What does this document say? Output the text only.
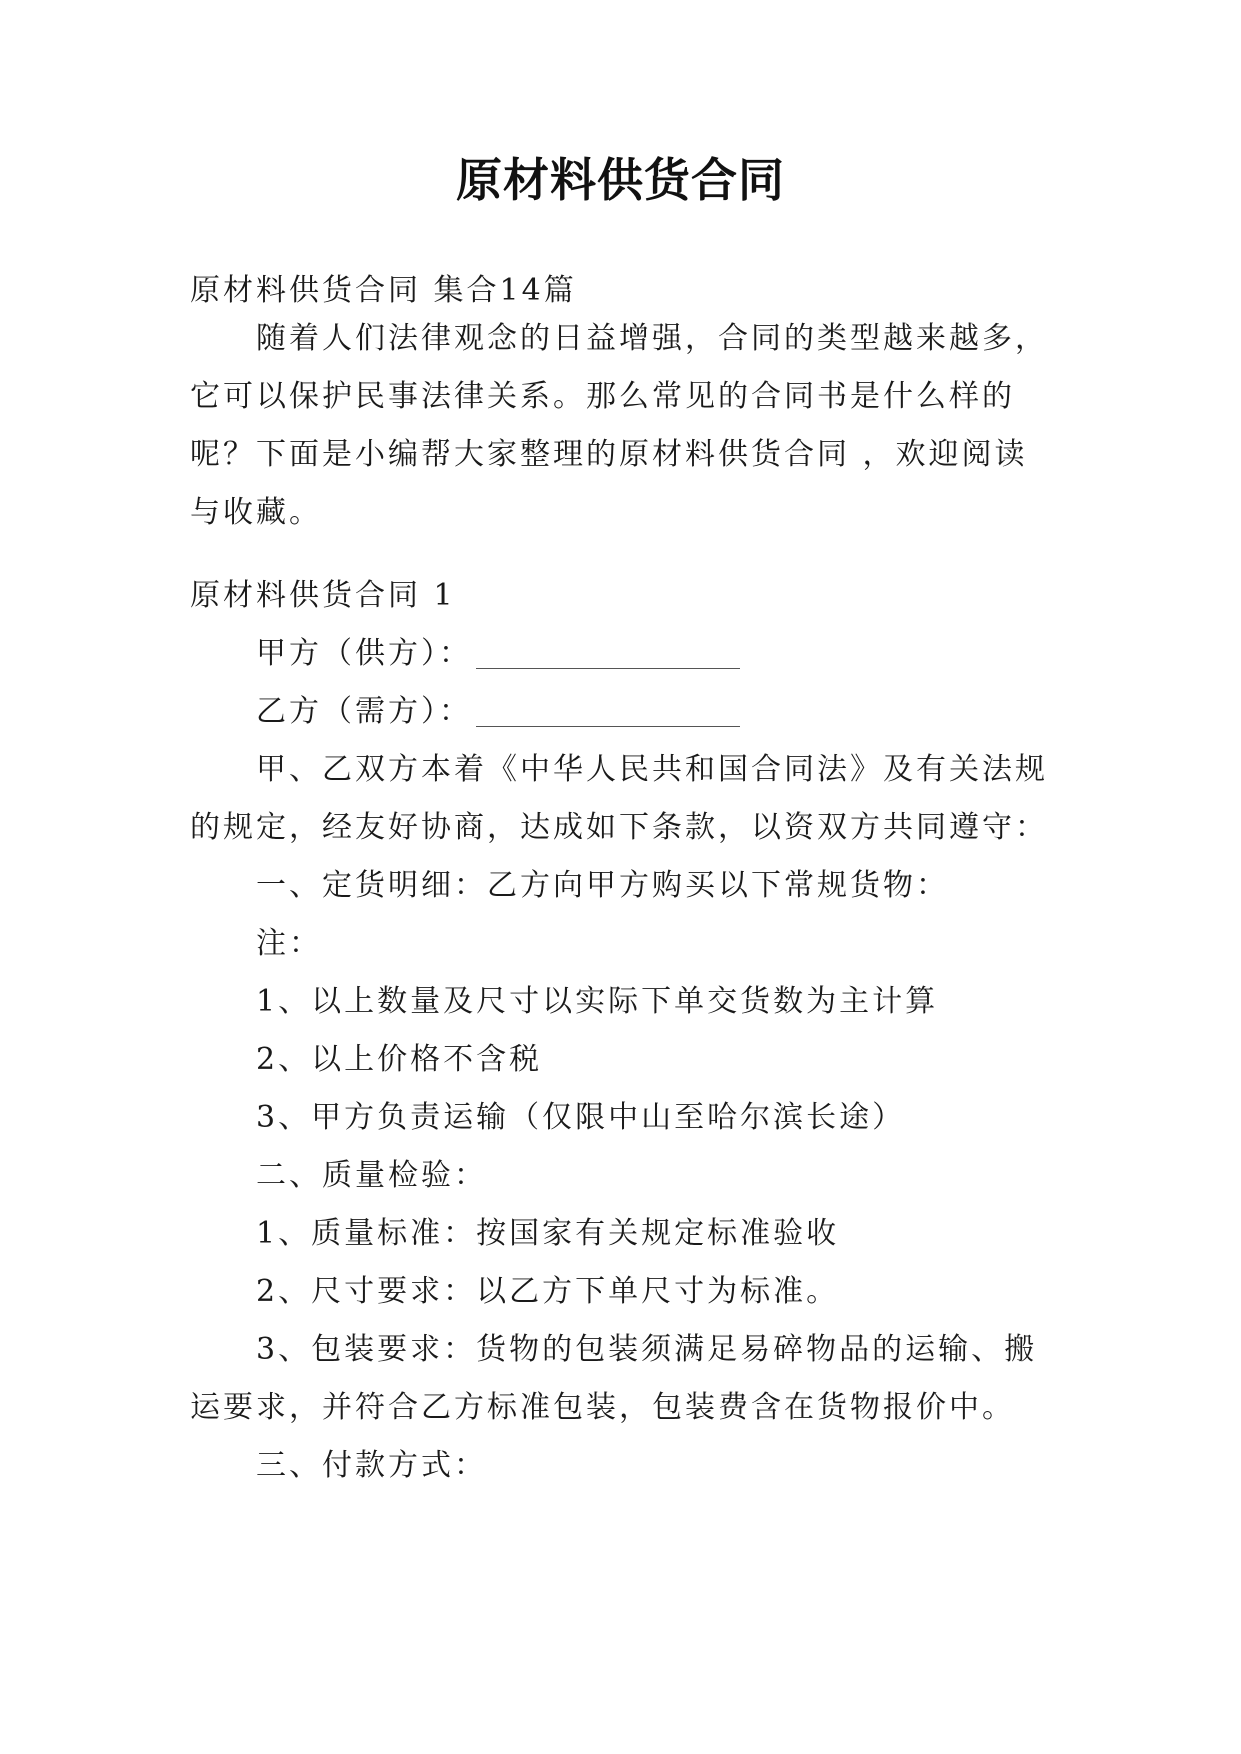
原材料供货合同
原材料供货合同 集合14篇
随着人们法律观念的日益增强，合同的类型越来越多，
它可以保护民事法律关系。那么常见的合同书是什么样的
呢？下面是小编帮大家整理的原材料供货合同 ，欢迎阅读
与收藏。
原材料供货合同 1
甲方（供方）：
乙方（需方）：
甲、乙双方本着《中华人民共和国合同法》及有关法规
的规定，经友好协商，达成如下条款，以资双方共同遵守：
一、定货明细：乙方向甲方购买以下常规货物：
注：
1、以上数量及尺寸以实际下单交货数为主计算
2、以上价格不含税
3、甲方负责运输（仅限中山至哈尔滨长途）
二、质量检验：
1、质量标准：按国家有关规定标准验收
2、尺寸要求：以乙方下单尺寸为标准。
3、包装要求：货物的包装须满足易碎物品的运输、搬
运要求，并符合乙方标准包装，包装费含在货物报价中。
三、付款方式：
